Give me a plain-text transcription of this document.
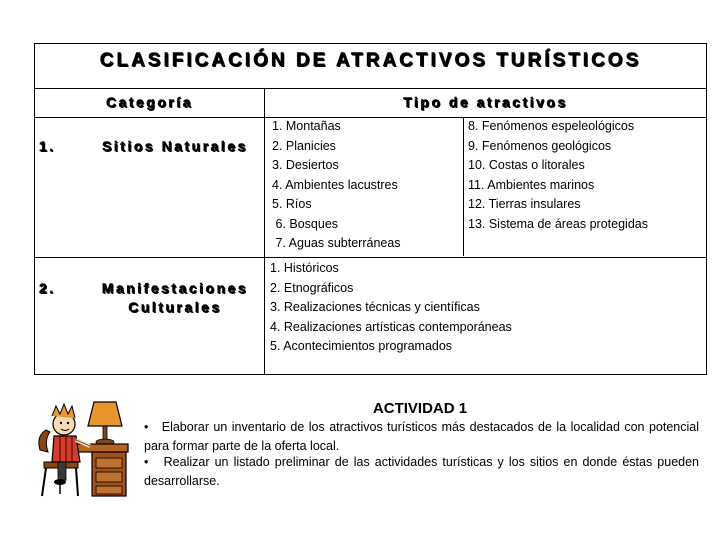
CLASIFICACIÓN DE ATRACTIVOS TURÍSTICOS
Categoría	Tipo de atractivos
1.	Sitios Naturales
1. Montañas
2. Planicies
3. Desiertos
4. Ambientes lacustres
5. Ríos
6. Bosques
7. Aguas subterráneas
8. Fenómenos espeleológicos
9. Fenómenos geológicos
10. Costas o litorales
11. Ambientes marinos
12. Tierras insulares
13. Sistema de áreas protegidas
2.	Manifestaciones
Culturales
1. Históricos
2. Etnográficos
3. Realizaciones técnicas y científicas
4. Realizaciones artísticas contemporáneas
5. Acontecimientos programados
ACTIVIDAD 1
• Elaborar un inventario de los atractivos turísticos más destacados de la localidad con potencial para formar parte de la oferta local.
• Realizar un listado preliminar de las actividades turísticas y los sitios en donde éstas pueden desarrollarse.
